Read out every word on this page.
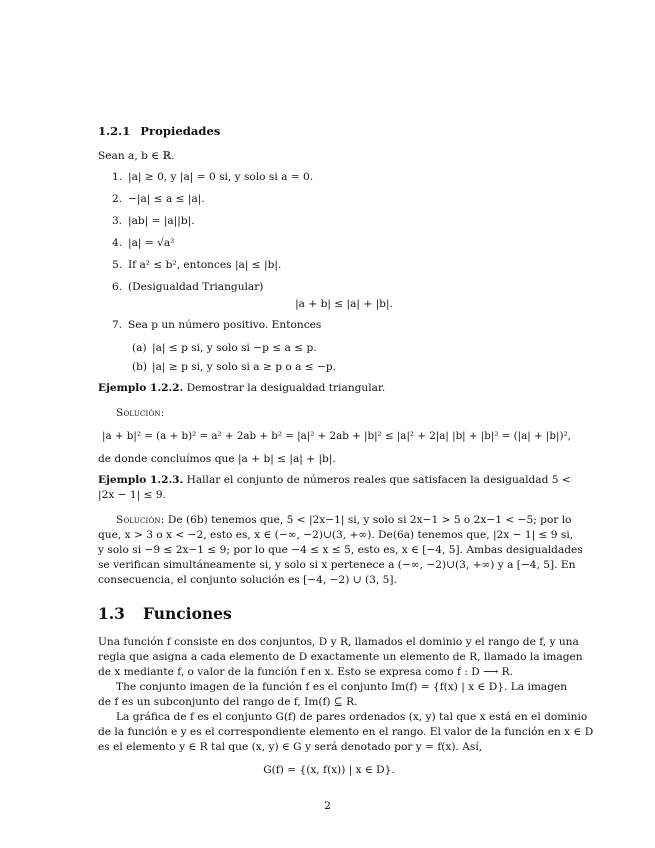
1.2.1 Propiedades

Sean a, b ∈ ℝ.

1. |a| ≥ 0, y |a| = 0 si, y solo si a = 0.
2. −|a| ≤ a ≤ |a|.
3. |ab| = |a||b|.
4. |a| = √a²
5. If a² ≤ b², entonces |a| ≤ |b|.
6. (Desigualdad Triangular)
|a + b| ≤ |a| + |b|.
7. Sea p un número positivo. Entonces
(a) |a| ≤ p si, y solo si −p ≤ a ≤ p.
(b) |a| ≥ p si, y solo si a ≥ p o a ≤ −p.

Ejemplo 1.2.2. Demostrar la desigualdad triangular.

Solución:

|a + b|² = (a + b)² = a² + 2ab + b² = |a|² + 2ab + |b|² ≤ |a|² + 2|a| |b| + |b|² = (|a| + |b|)²,

de donde concluímos que |a + b| ≤ |a| + |b|.

Ejemplo 1.2.3. Hallar el conjunto de números reales que satisfacen la desigualdad 5 <

|2x − 1| ≤ 9.

Solución: De (6b) tenemos que, 5 < |2x−1| si, y solo si 2x−1 > 5 o 2x−1 < −5; por lo

que, x > 3 o x < −2, esto es, x ∈ (−∞, −2)∪(3, +∞). De(6a) tenemos que, |2x − 1| ≤ 9 si,

y solo si −9 ≤ 2x−1 ≤ 9; por lo que −4 ≤ x ≤ 5, esto es, x ∈ [−4, 5]. Ambas desigualdades

se verifican simultáneamente si, y solo si x pertenece a (−∞, −2)∪(3, +∞) y a [−4, 5]. En

consecuencia, el conjunto solución es [−4, −2) ∪ (3, 5].

1.3 Funciones

Una función f consiste en dos conjuntos, D y R, llamados el dominio y el rango de f, y una

regla que asigna a cada elemento de D exactamente un elemento de R, llamado la imagen

de x mediante f, o valor de la función f en x. Esto se expresa como f : D ⟶ R.

The conjunto imagen de la función f es el conjunto Im(f) = {f(x) | x ∈ D}. La imagen

de f es un subconjunto del rango de f, Im(f) ⊆ R.

La gráfica de f es el conjunto G(f) de pares ordenados (x, y) tal que x está en el dominio

de la función e y es el correspondiente elemento en el rango. El valor de la función en x ∈ D

es el elemento y ∈ R tal que (x, y) ∈ G y será denotado por y = f(x). Así,

G(f) = {(x, f(x)) | x ∈ D}.
2
